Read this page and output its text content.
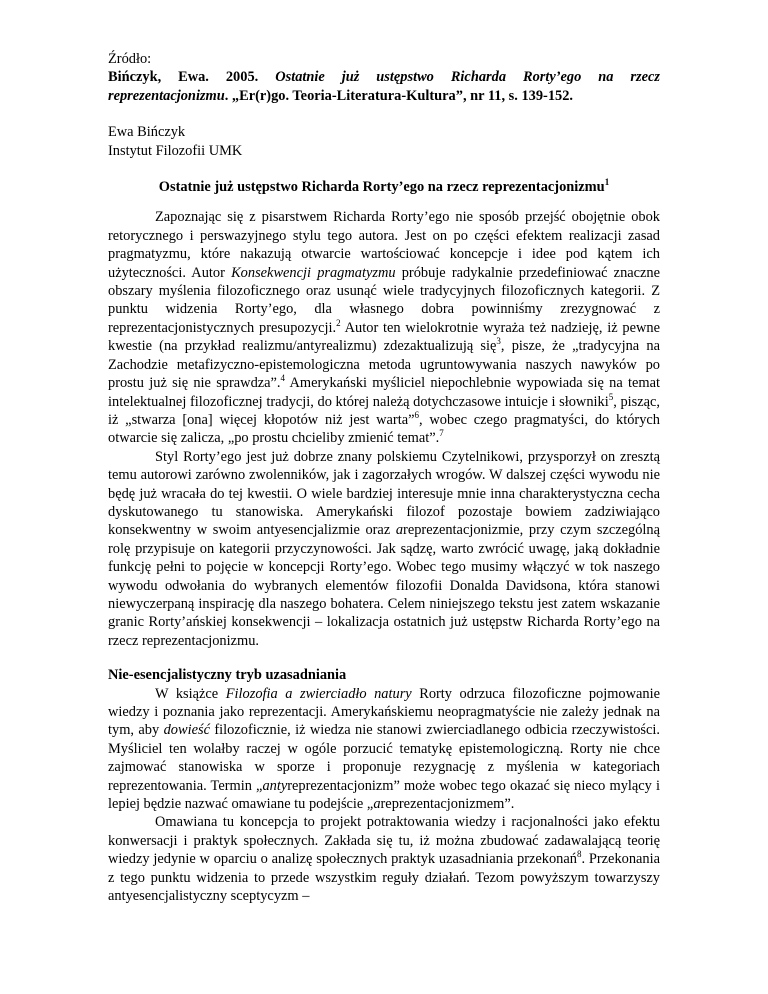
Źródło:

Bińczyk, Ewa. 2005. Ostatnie już ustępstwo Richarda Rorty’ego na rzecz reprezentacjonizmu. „Er(r)go. Teoria-Literatura-Kultura”, nr 11, s. 139-152.

Ewa Bińczyk

Instytut Filozofii UMK

Ostatnie już ustępstwo Richarda Rorty’ego na rzecz reprezentacjonizmu$^1$

Zapoznając się z pisarstwem Richarda Rorty’ego nie sposób przejść obojętnie obok retorycznego i perswazyjnego stylu tego autora. Jest on po części efektem realizacji zasad pragmatyzmu, które nakazują otwarcie wartościować koncepcje i idee pod kątem ich użyteczności. Autor Konsekwencji pragmatyzmu próbuje radykalnie przedefiniować znaczne obszary myślenia filozoficznego oraz usunąć wiele tradycyjnych filozoficznych kategorii. Z punktu widzenia Rorty’ego, dla własnego dobra powinniśmy zrezygnować z reprezentacjonistycznych presupozycji.$^2$ Autor ten wielokrotnie wyraża też nadzieję, iż pewne kwestie (na przykład realizmu/antyrealizmu) zdezaktualizują się$^3$, pisze, że „tradycyjna na Zachodzie metafizyczno-epistemologiczna metoda ugruntowywania naszych nawyków po prostu już się nie sprawdza”.$^4$ Amerykański myśliciel niepochlebnie wypowiada się na temat intelektualnej filozoficznej tradycji, do której należą dotychczasowe intuicje i słowniki$^5$, pisząc, iż „stwarza [ona] więcej kłopotów niż jest warta”$^6$, wobec czego pragmatyści, do których otwarcie się zalicza, „po prostu chcieliby zmienić temat”.$^7$

Styl Rorty’ego jest już dobrze znany polskiemu Czytelnikowi, przysporzył on zresztą temu autorowi zarówno zwolenników, jak i zagorzałych wrogów. W dalszej części wywodu nie będę już wracała do tej kwestii. O wiele bardziej interesuje mnie inna charakterystyczna cecha dyskutowanego tu stanowiska. Amerykański filozof pozostaje bowiem zadziwiająco konsekwentny w swoim antyesencjalizmie oraz areprezentacjonizmie, przy czym szczególną rolę przypisuje on kategorii przyczynowości. Jak sądzę, warto zwrócić uwagę, jaką dokładnie funkcję pełni to pojęcie w koncepcji Rorty’ego. Wobec tego musimy włączyć w tok naszego wywodu odwołania do wybranych elementów filozofii Donalda Davidsona, która stanowi niewyczerpaną inspirację dla naszego bohatera. Celem niniejszego tekstu jest zatem wskazanie granic Rorty’ańskiej konsekwencji – lokalizacja ostatnich już ustępstw Richarda Rorty’ego na rzecz reprezentacjonizmu.

Nie-esencjalistyczny tryb uzasadniania

W książce Filozofia a zwierciadło natury Rorty odrzuca filozoficzne pojmowanie wiedzy i poznania jako reprezentacji. Amerykańskiemu neopragmatyście nie zależy jednak na tym, aby dowieść filozoficznie, iż wiedza nie stanowi zwierciadlanego odbicia rzeczywistości. Myśliciel ten wolałby raczej w ogóle porzucić tematykę epistemologiczną. Rorty nie chce zajmować stanowiska w sporze i proponuje rezygnację z myślenia w kategoriach reprezentowania. Termin „antyreprezentacjonizm” może wobec tego okazać się nieco mylący i lepiej będzie nazwać omawiane tu podejście „areprezentacjonizmem”.

Omawiana tu koncepcja to projekt potraktowania wiedzy i racjonalności jako efektu konwersacji i praktyk społecznych. Zakłada się tu, iż można zbudować zadawalającą teorię wiedzy jedynie w oparciu o analizę społecznych praktyk uzasadniania przekonań$^8$. Przekonania z tego punktu widzenia to przede wszystkim reguły działań. Tezom powyższym towarzyszy antyesencjalistyczny sceptycyzm –
